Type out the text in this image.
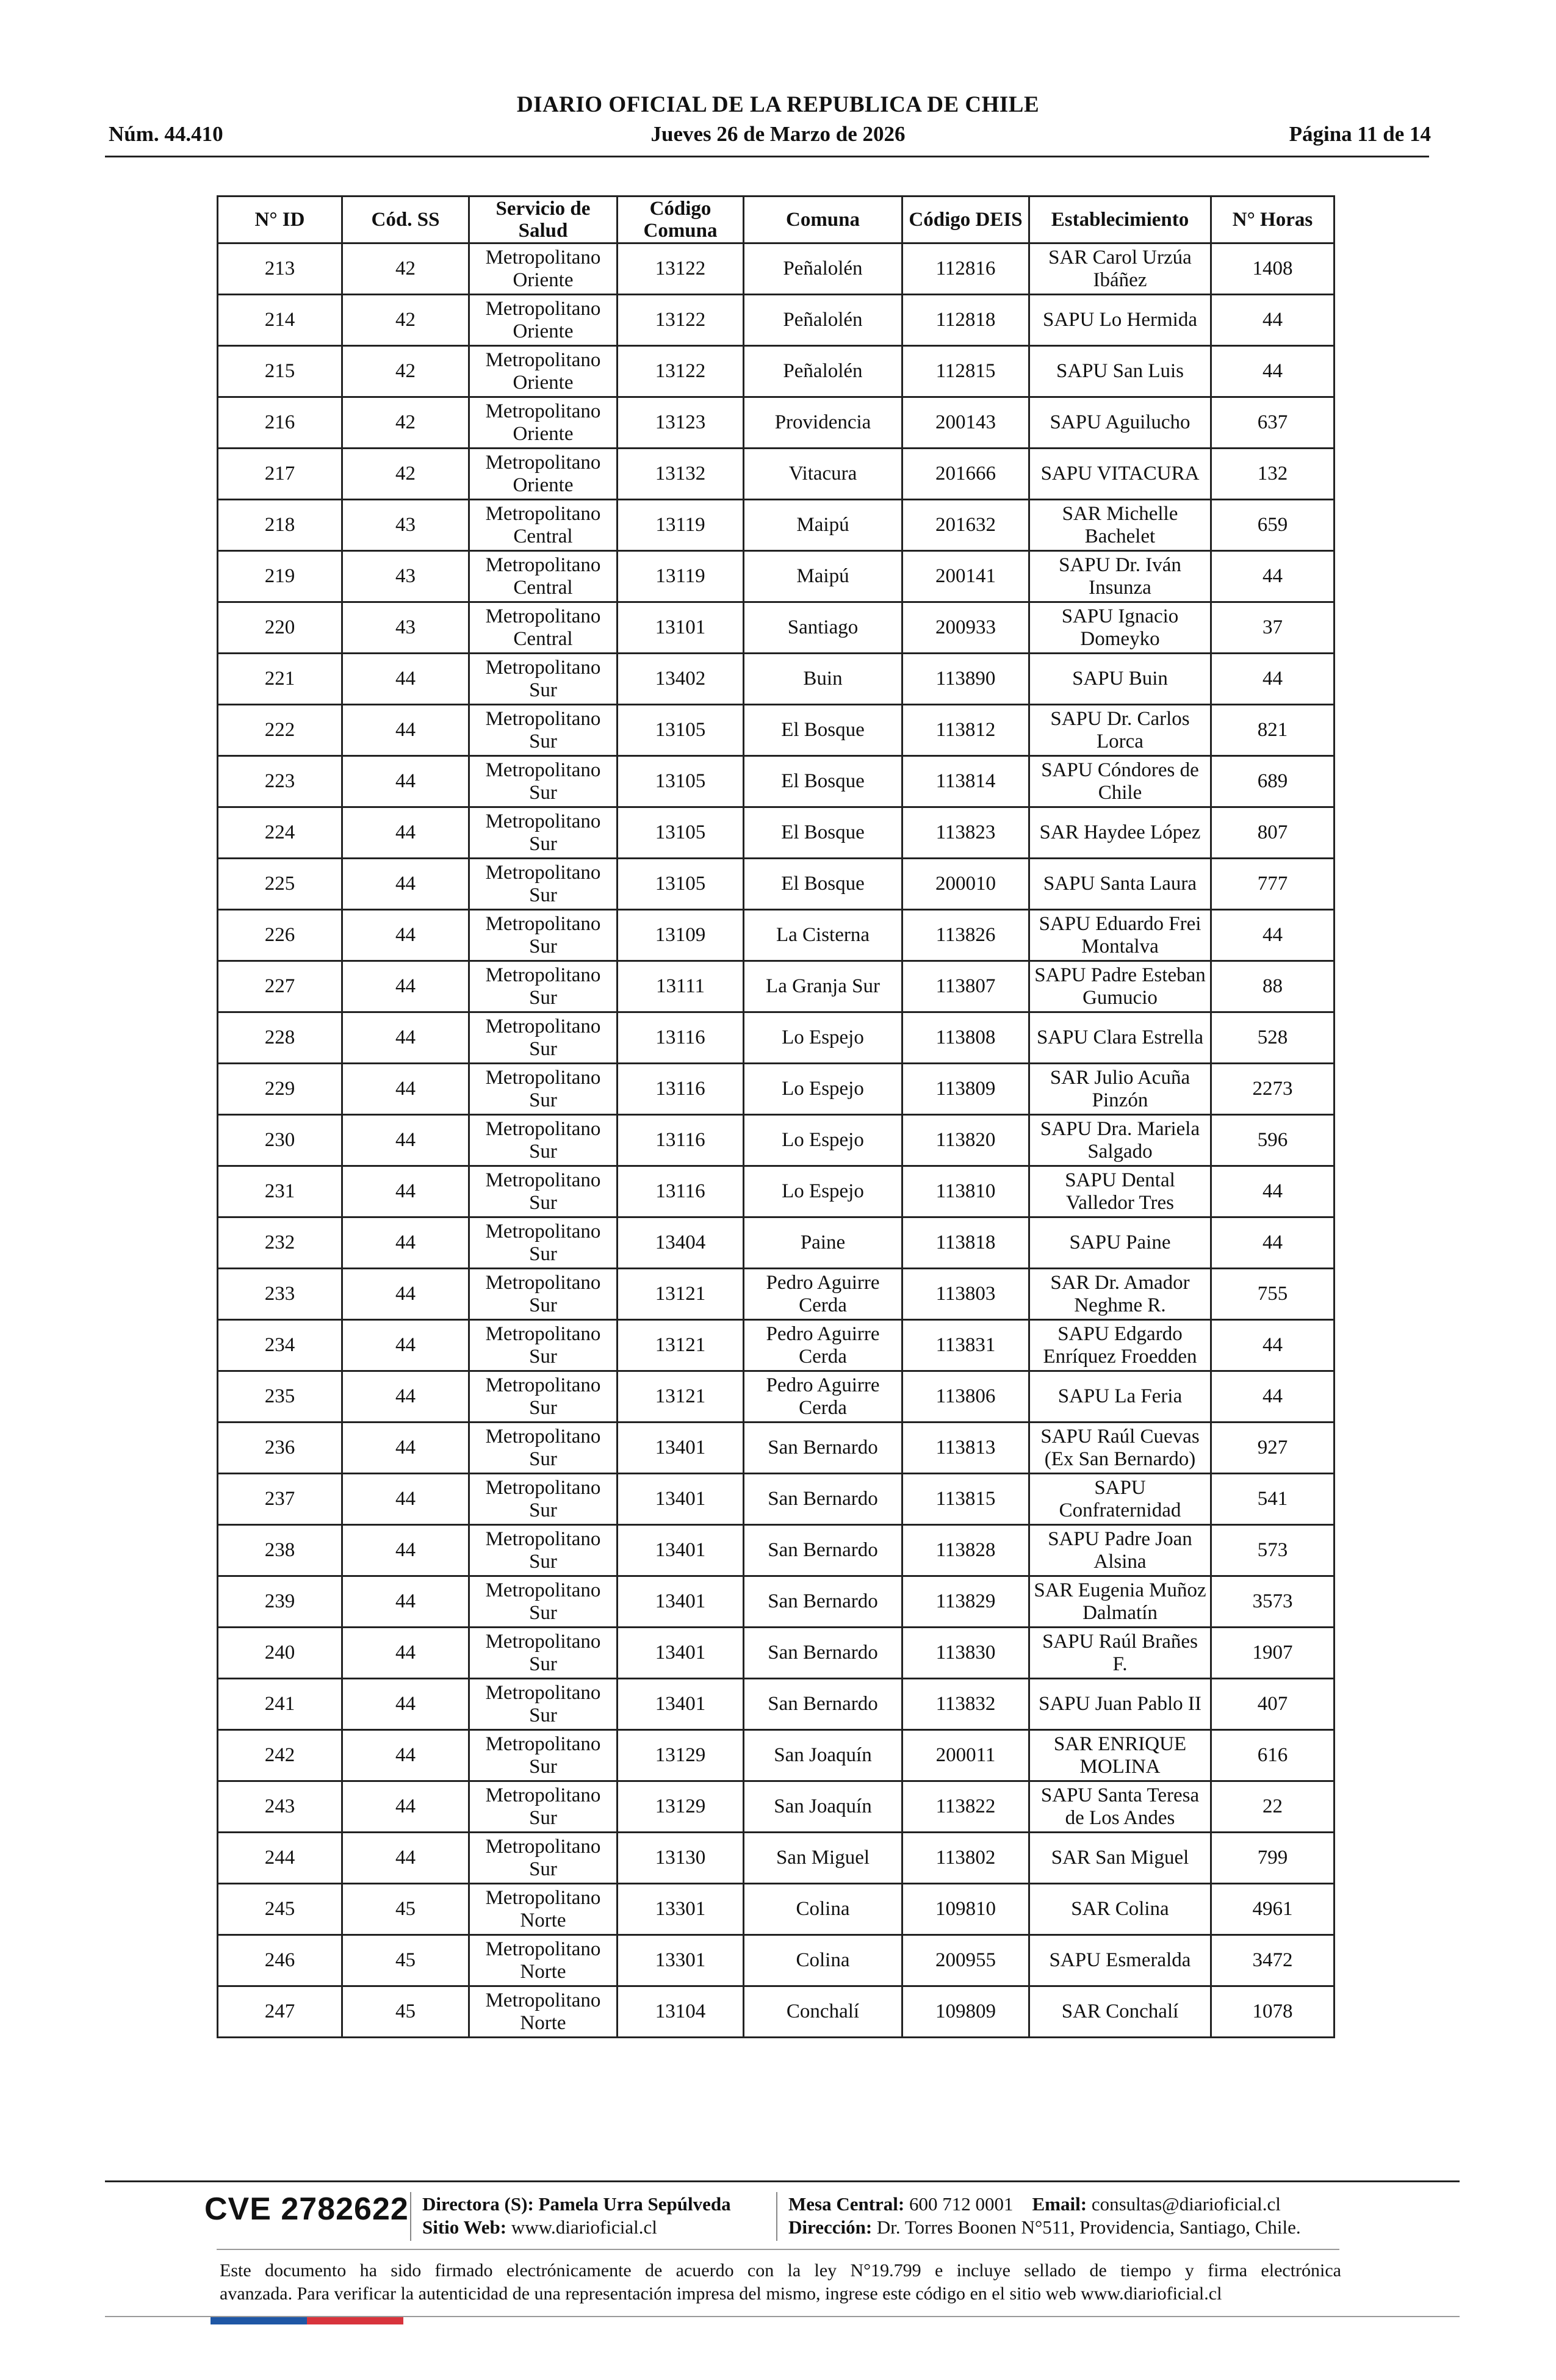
DIARIO OFICIAL DE LA REPUBLICA DE CHILE
Núm. 44.410	Jueves 26 de Marzo de 2026	Página 11 de 14
N° ID	Cód. SS	Servicio de Salud	Código Comuna	Comuna	Código DEIS	Establecimiento	N° Horas
213	42	Metropolitano Oriente	13122	Peñalolén	112816	SAR Carol Urzúa Ibáñez	1408
214	42	Metropolitano Oriente	13122	Peñalolén	112818	SAPU Lo Hermida	44
215	42	Metropolitano Oriente	13122	Peñalolén	112815	SAPU San Luis	44
216	42	Metropolitano Oriente	13123	Providencia	200143	SAPU Aguilucho	637
217	42	Metropolitano Oriente	13132	Vitacura	201666	SAPU VITACURA	132
218	43	Metropolitano Central	13119	Maipú	201632	SAR Michelle Bachelet	659
219	43	Metropolitano Central	13119	Maipú	200141	SAPU Dr. Iván Insunza	44
220	43	Metropolitano Central	13101	Santiago	200933	SAPU Ignacio Domeyko	37
221	44	Metropolitano Sur	13402	Buin	113890	SAPU Buin	44
222	44	Metropolitano Sur	13105	El Bosque	113812	SAPU Dr. Carlos Lorca	821
223	44	Metropolitano Sur	13105	El Bosque	113814	SAPU Cóndores de Chile	689
224	44	Metropolitano Sur	13105	El Bosque	113823	SAR Haydee López	807
225	44	Metropolitano Sur	13105	El Bosque	200010	SAPU Santa Laura	777
226	44	Metropolitano Sur	13109	La Cisterna	113826	SAPU Eduardo Frei Montalva	44
227	44	Metropolitano Sur	13111	La Granja Sur	113807	SAPU Padre Esteban Gumucio	88
228	44	Metropolitano Sur	13116	Lo Espejo	113808	SAPU Clara Estrella	528
229	44	Metropolitano Sur	13116	Lo Espejo	113809	SAR Julio Acuña Pinzón	2273
230	44	Metropolitano Sur	13116	Lo Espejo	113820	SAPU Dra. Mariela Salgado	596
231	44	Metropolitano Sur	13116	Lo Espejo	113810	SAPU Dental Valledor Tres	44
232	44	Metropolitano Sur	13404	Paine	113818	SAPU Paine	44
233	44	Metropolitano Sur	13121	Pedro Aguirre Cerda	113803	SAR Dr. Amador Neghme R.	755
234	44	Metropolitano Sur	13121	Pedro Aguirre Cerda	113831	SAPU Edgardo Enríquez Froedden	44
235	44	Metropolitano Sur	13121	Pedro Aguirre Cerda	113806	SAPU La Feria	44
236	44	Metropolitano Sur	13401	San Bernardo	113813	SAPU Raúl Cuevas (Ex San Bernardo)	927
237	44	Metropolitano Sur	13401	San Bernardo	113815	SAPU Confraternidad	541
238	44	Metropolitano Sur	13401	San Bernardo	113828	SAPU Padre Joan Alsina	573
239	44	Metropolitano Sur	13401	San Bernardo	113829	SAR Eugenia Muñoz Dalmatín	3573
240	44	Metropolitano Sur	13401	San Bernardo	113830	SAPU Raúl Brañes F.	1907
241	44	Metropolitano Sur	13401	San Bernardo	113832	SAPU Juan Pablo II	407
242	44	Metropolitano Sur	13129	San Joaquín	200011	SAR ENRIQUE MOLINA	616
243	44	Metropolitano Sur	13129	San Joaquín	113822	SAPU Santa Teresa de Los Andes	22
244	44	Metropolitano Sur	13130	San Miguel	113802	SAR San Miguel	799
245	45	Metropolitano Norte	13301	Colina	109810	SAR Colina	4961
246	45	Metropolitano Norte	13301	Colina	200955	SAPU Esmeralda	3472
247	45	Metropolitano Norte	13104	Conchalí	109809	SAR Conchalí	1078
CVE 2782622 Directora (S): Pamela Urra Sepúlveda
Sitio Web: www.diarioficial.cl
Mesa Central: 600 712 0001 Email: consultas@diarioficial.cl
Dirección: Dr. Torres Boonen N°511, Providencia, Santiago, Chile.
Este documento ha sido firmado electrónicamente de acuerdo con la ley N°19.799 e incluye sellado de tiempo y firma electrónica
avanzada. Para verificar la autenticidad de una representación impresa del mismo, ingrese este código en el sitio web www.diarioficial.cl
